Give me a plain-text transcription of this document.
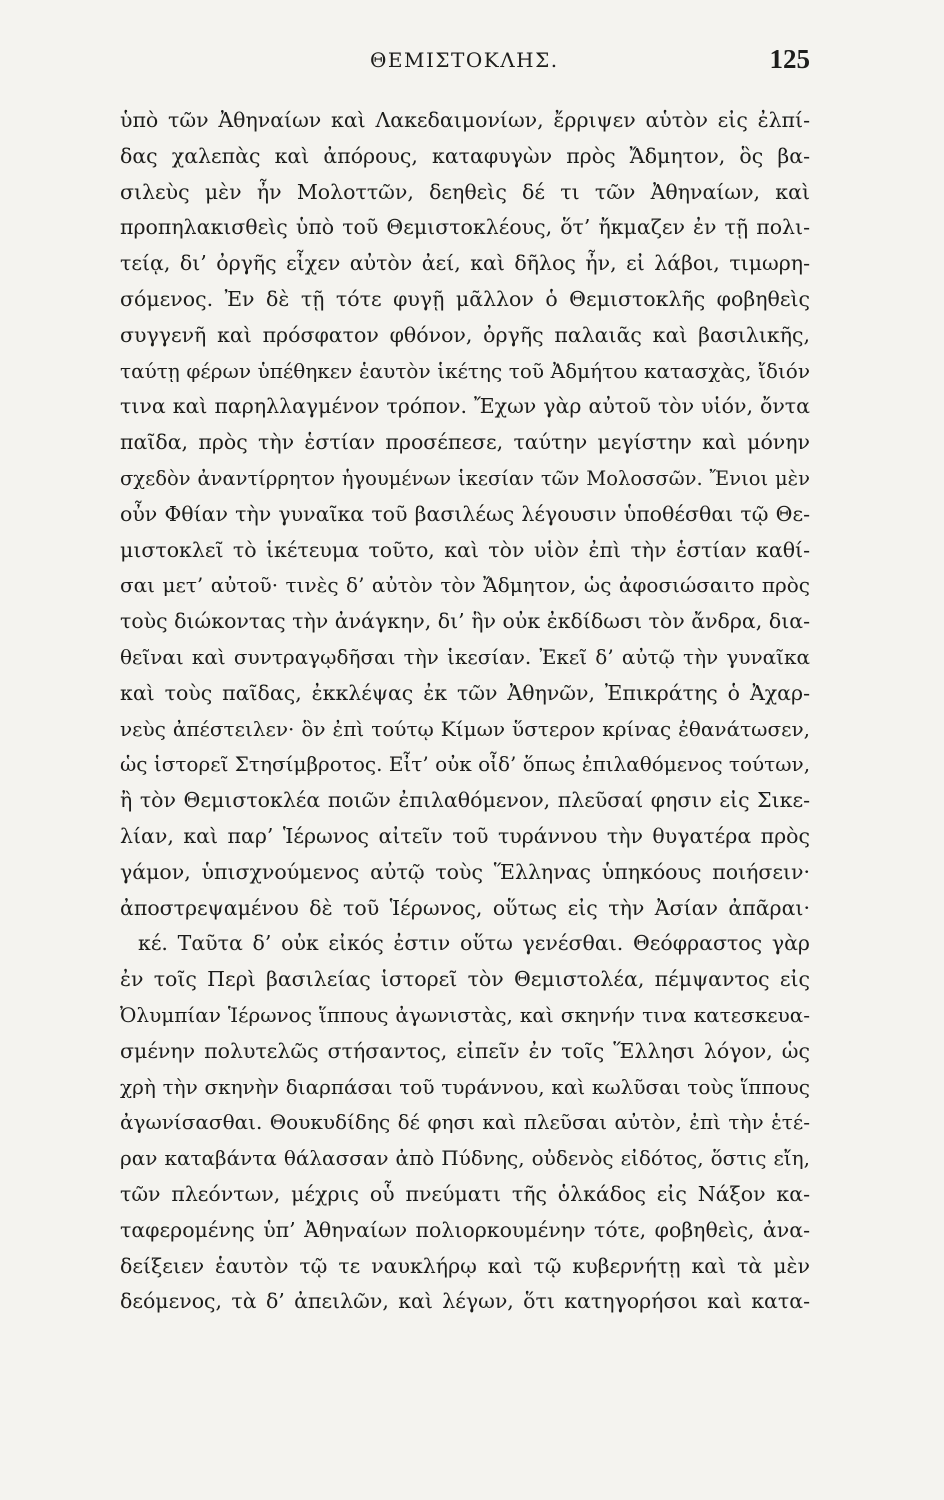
ΘΕΜΙΣΤΟΚΛΗΣ.	125
ὑπὸ τῶν Ἀθηναίων καὶ Λακεδαιμονίων, ἔρριψεν αὑτὸν εἰς ἐλπί-
δας χαλεπὰς καὶ ἀπόρους, καταφυγὼν πρὸς Ἄδμητον, ὃς βα-
σιλεὺς μὲν ἦν Μολοττῶν, δεηθεὶς δέ τι τῶν Ἀθηναίων, καὶ
προπηλακισθεὶς ὑπὸ τοῦ Θεμιστοκλέους, ὅτ’ ἤκμαζεν ἐν τῇ πολι-
τείᾳ, δι’ ὀργῆς εἶχεν αὐτὸν ἀεί, καὶ δῆλος ἦν, εἰ λάβοι, τιμωρη-
σόμενος. Ἐν δὲ τῇ τότε φυγῇ μᾶλλον ὁ Θεμιστοκλῆς φοβηθεὶς
συγγενῆ καὶ πρόσφατον φθόνον, ὀργῆς παλαιᾶς καὶ βασιλικῆς,
ταύτῃ φέρων ὑπέθηκεν ἑαυτὸν ἱκέτης τοῦ Ἀδμήτου κατασχὰς, ἴδιόν
τινα καὶ παρηλλαγμένον τρόπον. Ἔχων γὰρ αὐτοῦ τὸν υἱόν, ὄντα
παῖδα, πρὸς τὴν ἑστίαν προσέπεσε, ταύτην μεγίστην καὶ μόνην
σχεδὸν ἀναντίρρητον ἡγουμένων ἱκεσίαν τῶν Μολοσσῶν. Ἔνιοι μὲν
οὖν Φθίαν τὴν γυναῖκα τοῦ βασιλέως λέγουσιν ὑποθέσθαι τῷ Θε-
μιστοκλεῖ τὸ ἱκέτευμα τοῦτο, καὶ τὸν υἱὸν ἐπὶ τὴν ἑστίαν καθί-
σαι μετ’ αὐτοῦ· τινὲς δ’ αὐτὸν τὸν Ἄδμητον, ὡς ἀφοσιώσαιτο πρὸς
τοὺς διώκοντας τὴν ἀνάγκην, δι’ ἣν οὐκ ἐκδίδωσι τὸν ἄνδρα, δια-
θεῖναι καὶ συντραγῳδῆσαι τὴν ἱκεσίαν. Ἐκεῖ δ’ αὐτῷ τὴν γυναῖκα
καὶ τοὺς παῖδας, ἐκκλέψας ἐκ τῶν Ἀθηνῶν, Ἐπικράτης ὁ Ἀχαρ-
νεὺς ἀπέστειλεν· ὃν ἐπὶ τούτῳ Κίμων ὕστερον κρίνας ἐθανάτωσεν,
ὡς ἱστορεῖ Στησίμβροτος. Εἶτ’ οὐκ οἶδ’ ὅπως ἐπιλαθόμενος τούτων,
ἢ τὸν Θεμιστοκλέα ποιῶν ἐπιλαθόμενον, πλεῦσαί φησιν εἰς Σικε-
λίαν, καὶ παρ’ Ἱέρωνος αἰτεῖν τοῦ τυράννου τὴν θυγατέρα πρὸς
γάμον, ὑπισχνούμενος αὐτῷ τοὺς Ἕλληνας ὑπηκόους ποιήσειν·
ἀποστρεψαμένου δὲ τοῦ Ἱέρωνος, οὕτως εἰς τὴν Ἀσίαν ἀπᾶραι·
κέ. Ταῦτα δ’ οὐκ εἰκός ἐστιν οὕτω γενέσθαι. Θεόφραστος γὰρ
ἐν τοῖς Περὶ βασιλείας ἱστορεῖ τὸν Θεμιστολέα, πέμψαντος εἰς
Ὀλυμπίαν Ἱέρωνος ἵππους ἀγωνιστὰς, καὶ σκηνήν τινα κατεσκευα-
σμένην πολυτελῶς στήσαντος, εἰπεῖν ἐν τοῖς Ἕλλησι λόγον, ὡς
χρὴ τὴν σκηνὴν διαρπάσαι τοῦ τυράννου, καὶ κωλῦσαι τοὺς ἵππους
ἀγωνίσασθαι. Θουκυδίδης δέ φησι καὶ πλεῦσαι αὐτὸν, ἐπὶ τὴν ἑτέ-
ραν καταβάντα θάλασσαν ἀπὸ Πύδνης, οὐδενὸς εἰδότος, ὅστις εἴη,
τῶν πλεόντων, μέχρις οὗ πνεύματι τῆς ὁλκάδος εἰς Νάξον κα-
ταφερομένης ὑπ’ Ἀθηναίων πολιορκουμένην τότε, φοβηθεὶς, ἀνα-
δείξειεν ἑαυτὸν τῷ τε ναυκλήρῳ καὶ τῷ κυβερνήτῃ καὶ τὰ μὲν
δεόμενος, τὰ δ’ ἀπειλῶν, καὶ λέγων, ὅτι κατηγορήσοι καὶ κατα-
